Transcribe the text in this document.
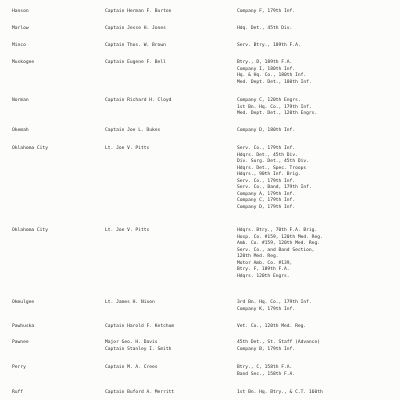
Hanson	Captain Herman F. Burton	Company F, 179th Inf.
Marlow	Captain Jesse H. Jones	Hdq. Det., 45th Div.
Minco	Captain Thos. W. Brown	Serv. Btry., 189th F.A.
Muskogee	Captain Eugene F. Bell	Btry., D, 189th F.A.
Company I, 180th Inf.
Hq. & Hq. Co., 180th Inf.
Med. Dept. Det., 180th Inf.
Norman	Captain Richard H. Cloyd	Company C, 120th Engrs.
1st Bn. Hq. Co., 179th Inf.
Med. Dept. Det., 120th Engrs.
Okemah	Captain Joe L. Dukes	Company D, 180th Inf.
Oklahoma City	Lt. Joe V. Pitts	Serv. Co., 179th Inf.
Hdqrs. Det., 45th Div.
Div. Surg. Det., 45th Div.
Hdqrs. Det., Spec. Troops
Hdqrs., 90th Inf. Brig.
Serv. Co., 179th Inf.
Serv. Co., Band, 179th Inf.
Company A, 179th Inf.
Company C, 179th Inf.
Company D, 179th Inf.
Oklahoma City	Lt. Joe V. Pitts	Hdqrs. Btry., 70th F.A. Brig.
Hosp. Co. #159, 120th Med. Reg.
Amb. Co. #159, 120th Med. Reg.
Serv. Co., and Band Section,
120th Med. Reg.
Motor Amb. Co. #139,
Btry. F, 189th F.A.
Hdqrs. 120th Engrs.
Okmulgee	Lt. James H. Nixon	3rd Bn. Hq. Co., 179th Inf.
Company K, 179th Inf.
Pawhuska	Captain Harold F. Ketchum	Vet. Co., 120th Med. Reg.
Pawnee	Major Geo. H. Davis	45th Det., St. Staff (Advance)
Captain Stanley I. Smith	Company B, 179th Inf.
Perry	Captain M. A. Crees	Btry., C, 158th F.A.
Band Sec., 158th F.A.
Ruff	Captain Buford A. Merritt	1st Bn. Hq. Btry., & C.T. 160th
